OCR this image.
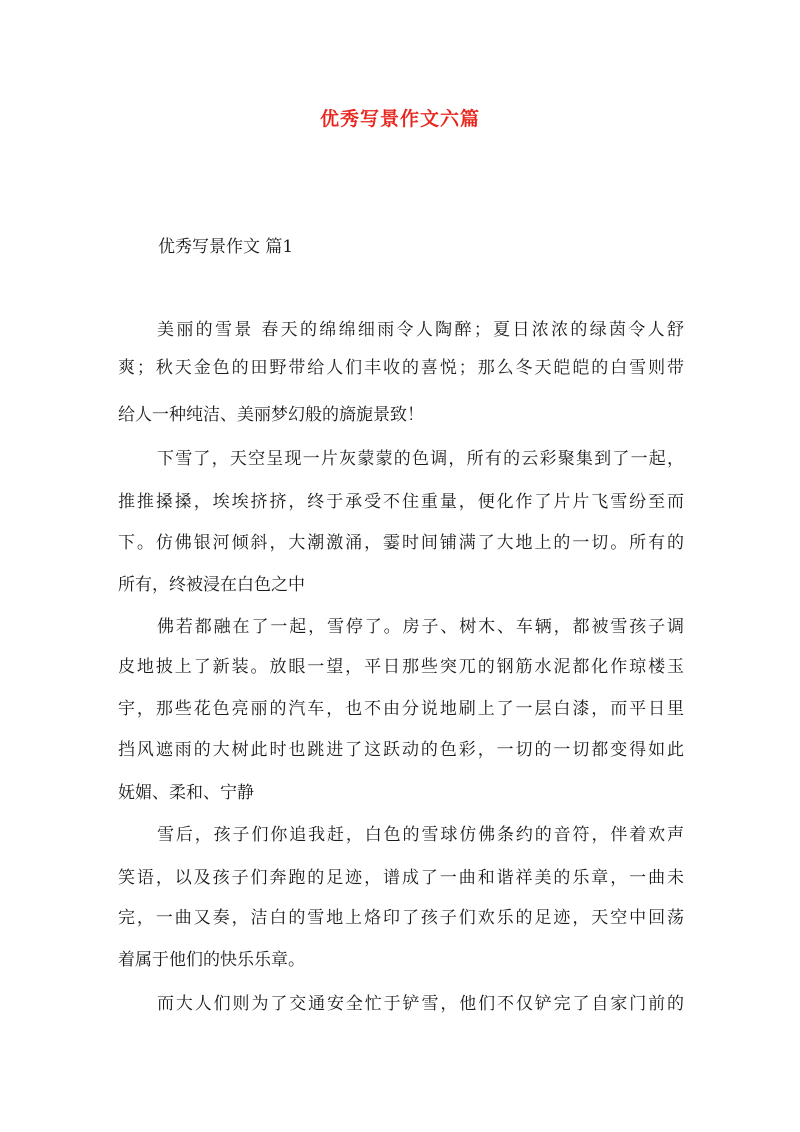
优秀写景作文六篇
优秀写景作文 篇1

美丽的雪景 春天的绵绵细雨令人陶醉；夏日浓浓的绿茵令人舒

爽；秋天金色的田野带给人们丰收的喜悦；那么冬天皑皑的白雪则带

给人一种纯洁、美丽梦幻般的旖旎景致！

下雪了，天空呈现一片灰蒙蒙的色调，所有的云彩聚集到了一起，

推推搡搡，埃埃挤挤，终于承受不住重量，便化作了片片飞雪纷至而

下。仿佛银河倾斜，大潮激涌，霎时间铺满了大地上的一切。所有的

所有，终被浸在白色之中

佛若都融在了一起，雪停了。房子、树木、车辆，都被雪孩子调

皮地披上了新装。放眼一望，平日那些突兀的钢筋水泥都化作琼楼玉

宇，那些花色亮丽的汽车，也不由分说地刷上了一层白漆，而平日里

挡风遮雨的大树此时也跳进了这跃动的色彩，一切的一切都变得如此

妩媚、柔和、宁静

雪后，孩子们你追我赶，白色的雪球仿佛条约的音符，伴着欢声

笑语，以及孩子们奔跑的足迹，谱成了一曲和谐祥美的乐章，一曲未

完，一曲又奏，洁白的雪地上烙印了孩子们欢乐的足迹，天空中回荡

着属于他们的快乐乐章。

而大人们则为了交通安全忙于铲雪，他们不仅铲完了自家门前的
